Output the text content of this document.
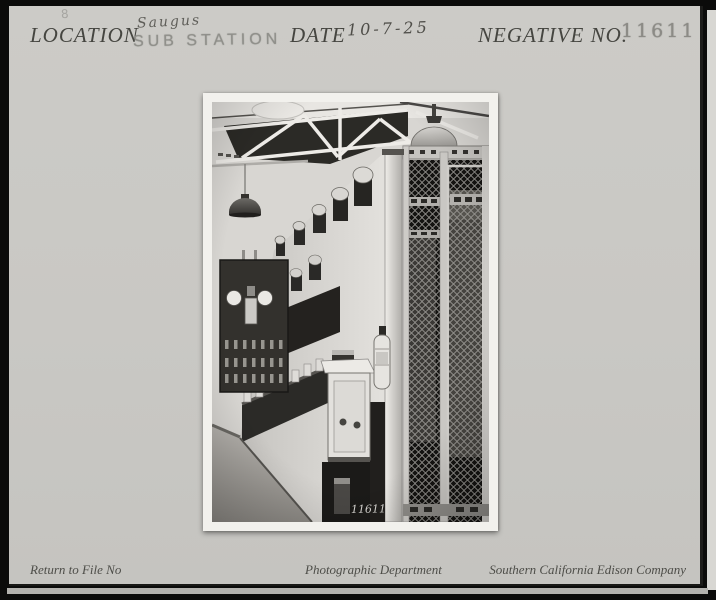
8
LOCATION
Saugus
SUB STATION DATE 10-7-25 NEGATIVE NO.
11611
Return to File No	Photographic Department	Southern California Edison Company
